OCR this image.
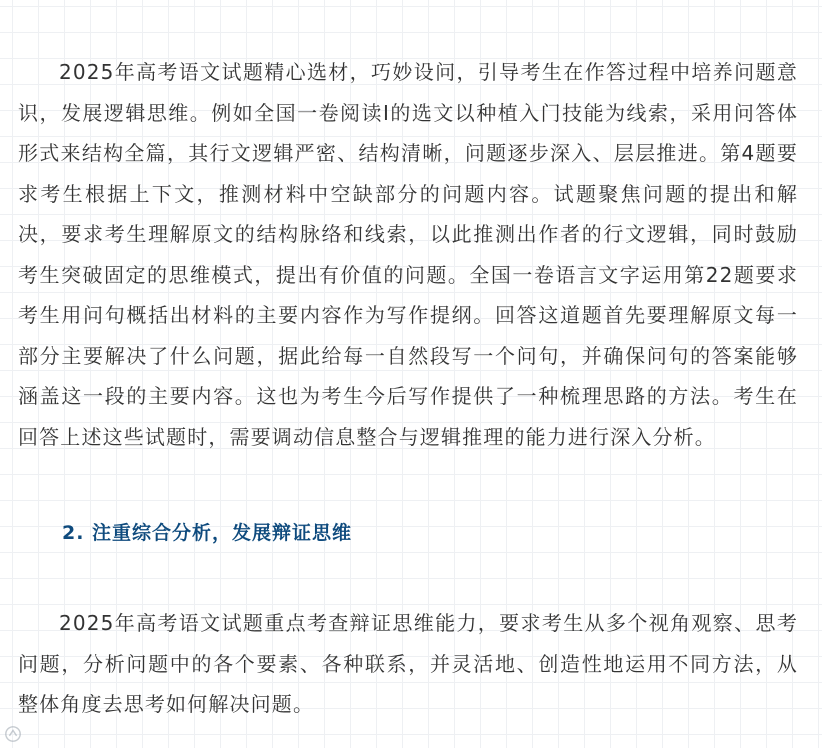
2025年高考语文试题精心选材，巧妙设问，引导考生在作答过程中培养问题意识，发展逻辑思维。例如全国一卷阅读I的选文以种植入门技能为线索，采用问答体形式来结构全篇，其行文逻辑严密、结构清晰，问题逐步深入、层层推进。第4题要求考生根据上下文，推测材料中空缺部分的问题内容。试题聚焦问题的提出和解决，要求考生理解原文的结构脉络和线索，以此推测出作者的行文逻辑，同时鼓励考生突破固定的思维模式，提出有价值的问题。全国一卷语言文字运用第22题要求考生用问句概括出材料的主要内容作为写作提纲。回答这道题首先要理解原文每一部分主要解决了什么问题，据此给每一自然段写一个问句，并确保问句的答案能够涵盖这一段的主要内容。这也为考生今后写作提供了一种梳理思路的方法。考生在回答上述这些试题时，需要调动信息整合与逻辑推理的能力进行深入分析。

2. 注重综合分析，发展辩证思维

2025年高考语文试题重点考查辩证思维能力，要求考生从多个视角观察、思考问题，分析问题中的各个要素、各种联系，并灵活地、创造性地运用不同方法，从整体角度去思考如何解决问题。
